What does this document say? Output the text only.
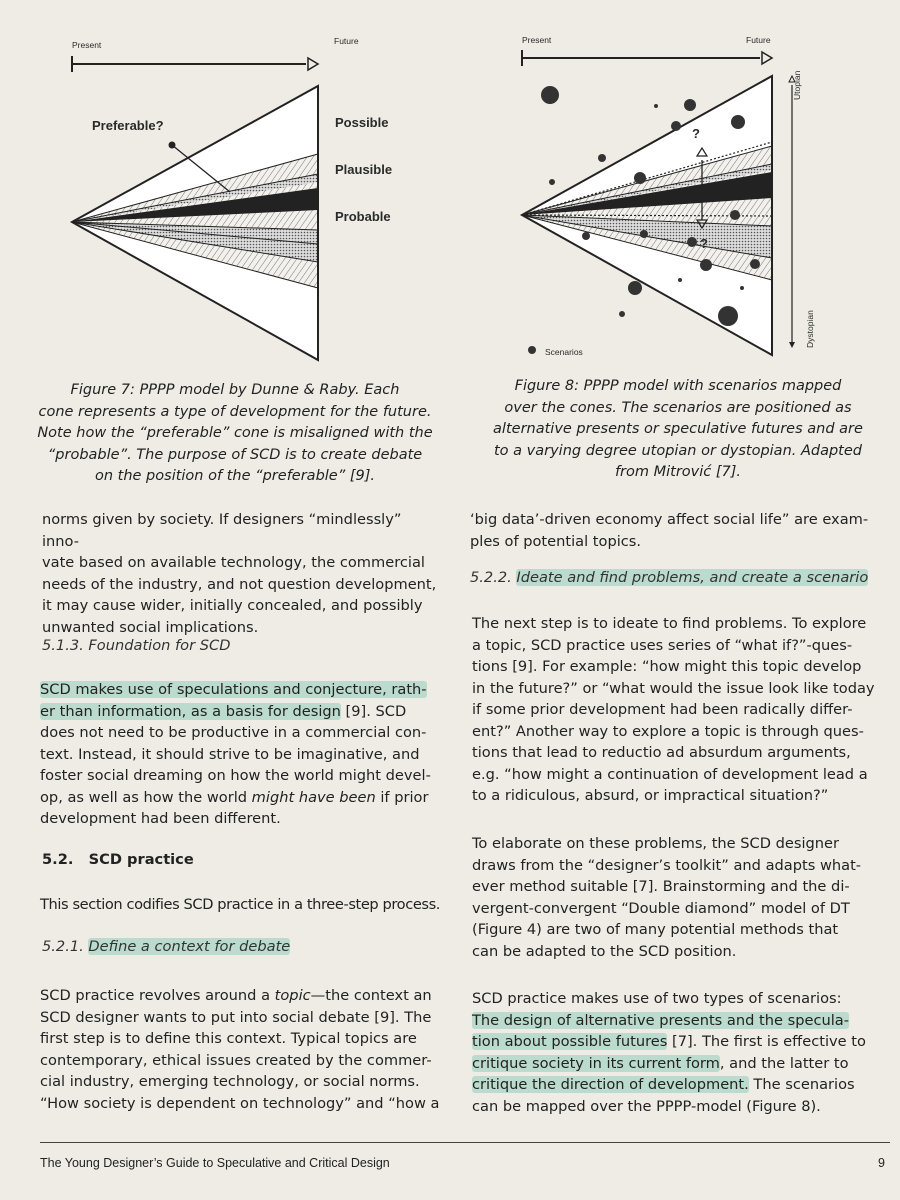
Present	Future
Preferable?	Possible
Plausible
Probable
Figure 7: PPPP model by Dunne & Raby. Each
cone represents a type of development for the future.
Note how the “preferable” cone is misaligned with the
“probable”. The purpose of SCD is to create debate
on the position of the “preferable” [9].
Present	Future
Utopian
Dystopian
Scenarios
?
?
Figure 8: PPPP model with scenarios mapped
over the cones. The scenarios are positioned as
alternative presents or speculative futures and are
to a varying degree utopian or dystopian. Adapted
from Mitrović [7].

norms given by society. If designers “mindlessly” inno-

vate based on available technology, the commercial

needs of the industry, and not question development,

it may cause wider, initially concealed, and possibly

unwanted social implications.

5.1.3. Foundation for SCD

SCD makes use of speculations and conjecture, rath-

er than information, as a basis for design [9]. SCD

does not need to be productive in a commercial con-

text. Instead, it should strive to be imaginative, and

foster social dreaming on how the world might devel-

op, as well as how the world might have been if prior

development had been different.

5.2.   SCD practice
This section codifies SCD practice in a three-step process.
5.2.1. Define a context for debate

SCD practice revolves around a topic—the context an

SCD designer wants to put into social debate [9]. The

first step is to define this context. Typical topics are

contemporary, ethical issues created by the commer-

cial industry, emerging technology, or social norms.

“How society is dependent on technology” and “how a

‘big data’-driven economy affect social life” are exam-

ples of potential topics.

5.2.2. Ideate and find problems, and create a scenario

The next step is to ideate to find problems. To explore

a topic, SCD practice uses series of “what if?”-ques-

tions [9]. For example: “how might this topic develop

in the future?” or “what would the issue look like today

if some prior development had been radically differ-

ent?” Another way to explore a topic is through ques-

tions that lead to reductio ad absurdum arguments,

e.g. “how might a continuation of development lead a

to a ridiculous, absurd, or impractical situation?”

To elaborate on these problems, the SCD designer

draws from the “designer’s toolkit” and adapts what-

ever method suitable [7]. Brainstorming and the di-

vergent-convergent “Double diamond” model of DT

(Figure 4) are two of many potential methods that

can be adapted to the SCD position.

SCD practice makes use of two types of scenarios:

The design of alternative presents and the specula-

tion about possible futures [7]. The first is effective to

critique society in its current form, and the latter to

critique the direction of development. The scenarios

can be mapped over the PPPP-model (Figure 8).

The Young Designer’s Guide to Speculative and Critical Design	9
